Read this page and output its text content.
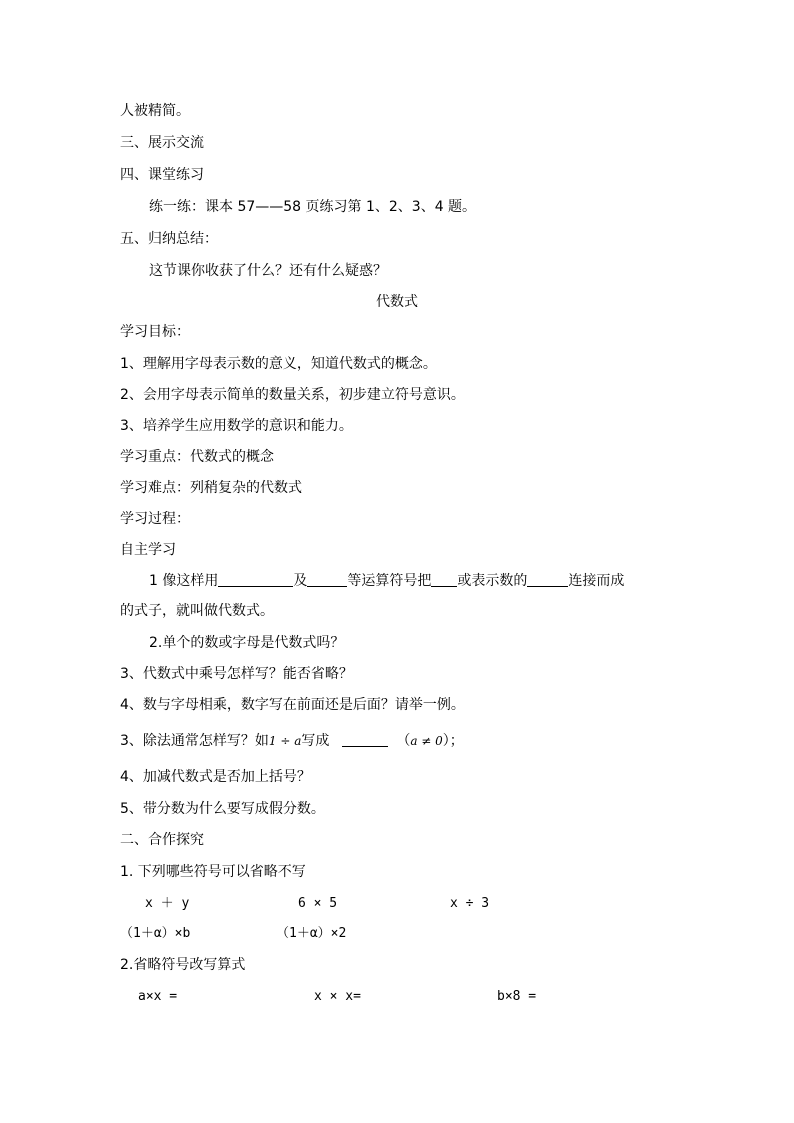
人被精简。
三、展示交流
四、课堂练习
练一练：课本 57——58 页练习第 1、2、3、4 题。
五、归纳总结：
这节课你收获了什么？还有什么疑惑？
代数式
学习目标：
1、理解用字母表示数的意义，知道代数式的概念。
2、会用字母表示简单的数量关系，初步建立符号意识。
3、培养学生应用数学的意识和能力。
学习重点：代数式的概念
学习难点：列稍复杂的代数式
学习过程：
自主学习
1 像这样用	及	等运算符号把 或表示数的	连接而成
的式子，就叫做代数式。
2.单个的数或字母是代数式吗？
3、代数式中乘号怎样写？能否省略？
4、数与字母相乘，数字写在前面还是后面？请举一例。
3、除法通常怎样写？如1 ÷ a写成	（a ≠ 0）；
4、加减代数式是否加上括号？
5、带分数为什么要写成假分数。
二、合作探究
1. 下列哪些符号可以省略不写
x ＋ y	6 × 5	x ÷ 3
（1＋α）×b	（1＋α）×2
2.省略符号改写算式
a×x =	x × x=	b×8 =
